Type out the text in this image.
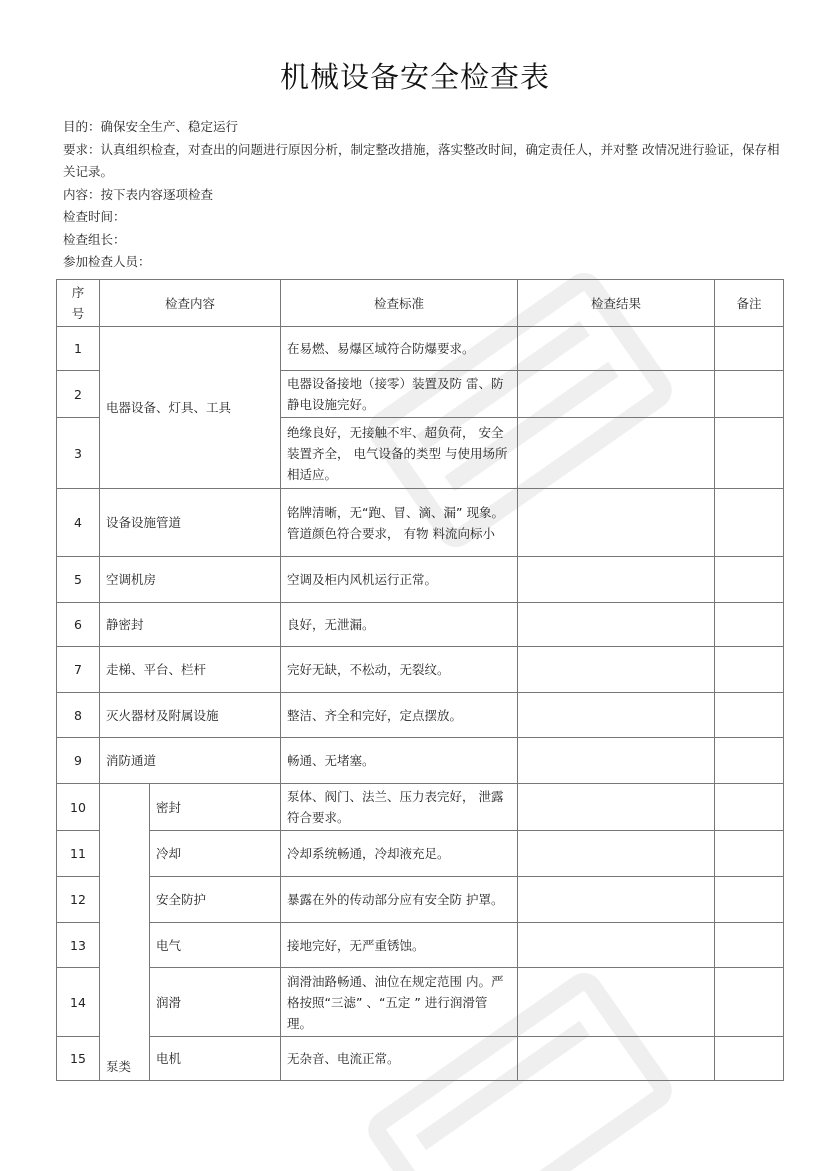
机械设备安全检查表

目的：确保安全生产、稳定运行

要求：认真组织检查，对查出的问题进行原因分析，制定整改措施，落实整改时间，确定责任人，并对整 改情况进行验证，保存相关记录。

内容：按下表内容逐项检查

检查时间：

检查组长：

参加检查人员：

序号	检查内容		检查标准	检查结果	备注
1	电器设备、灯具、工具		在易燃、易爆区域符合防爆要求。		
2			电器设备接地（接零）装置及防 雷、防静电设施完好。		
3			绝缘良好，无接触不牢、超负荷， 安全装置齐全， 电气设备的类型 与使用场所相适应。		
4	设备设施管道		铭牌清晰，无“跑、冒、滴、漏” 现象。管道颜色符合要求， 有物 料流向标小		
5	空调机房		空调及柜内风机运行正常。		
6	静密封		良好，无泄漏。		
7	走梯、平台、栏杆		完好无缺，不松动，无裂纹。		
8	灭火器材及附属设施		整洁、齐全和完好，定点摆放。		
9	消防通道		畅通、无堵塞。		
10	泵类	密封	泵体、阀门、法兰、压力表完好， 泄露符合要求。		
11		冷却	冷却系统畅通，冷却液充足。		
12		安全防护	暴露在外的传动部分应有安全防 护罩。		
13		电气	接地完好，无严重锈蚀。		
14		润滑	润滑油路畅通、油位在规定范围 内。严格按照“三滤” 、“五定 ” 进行润滑管理。		
15		电机	无杂音、电流正常。		
